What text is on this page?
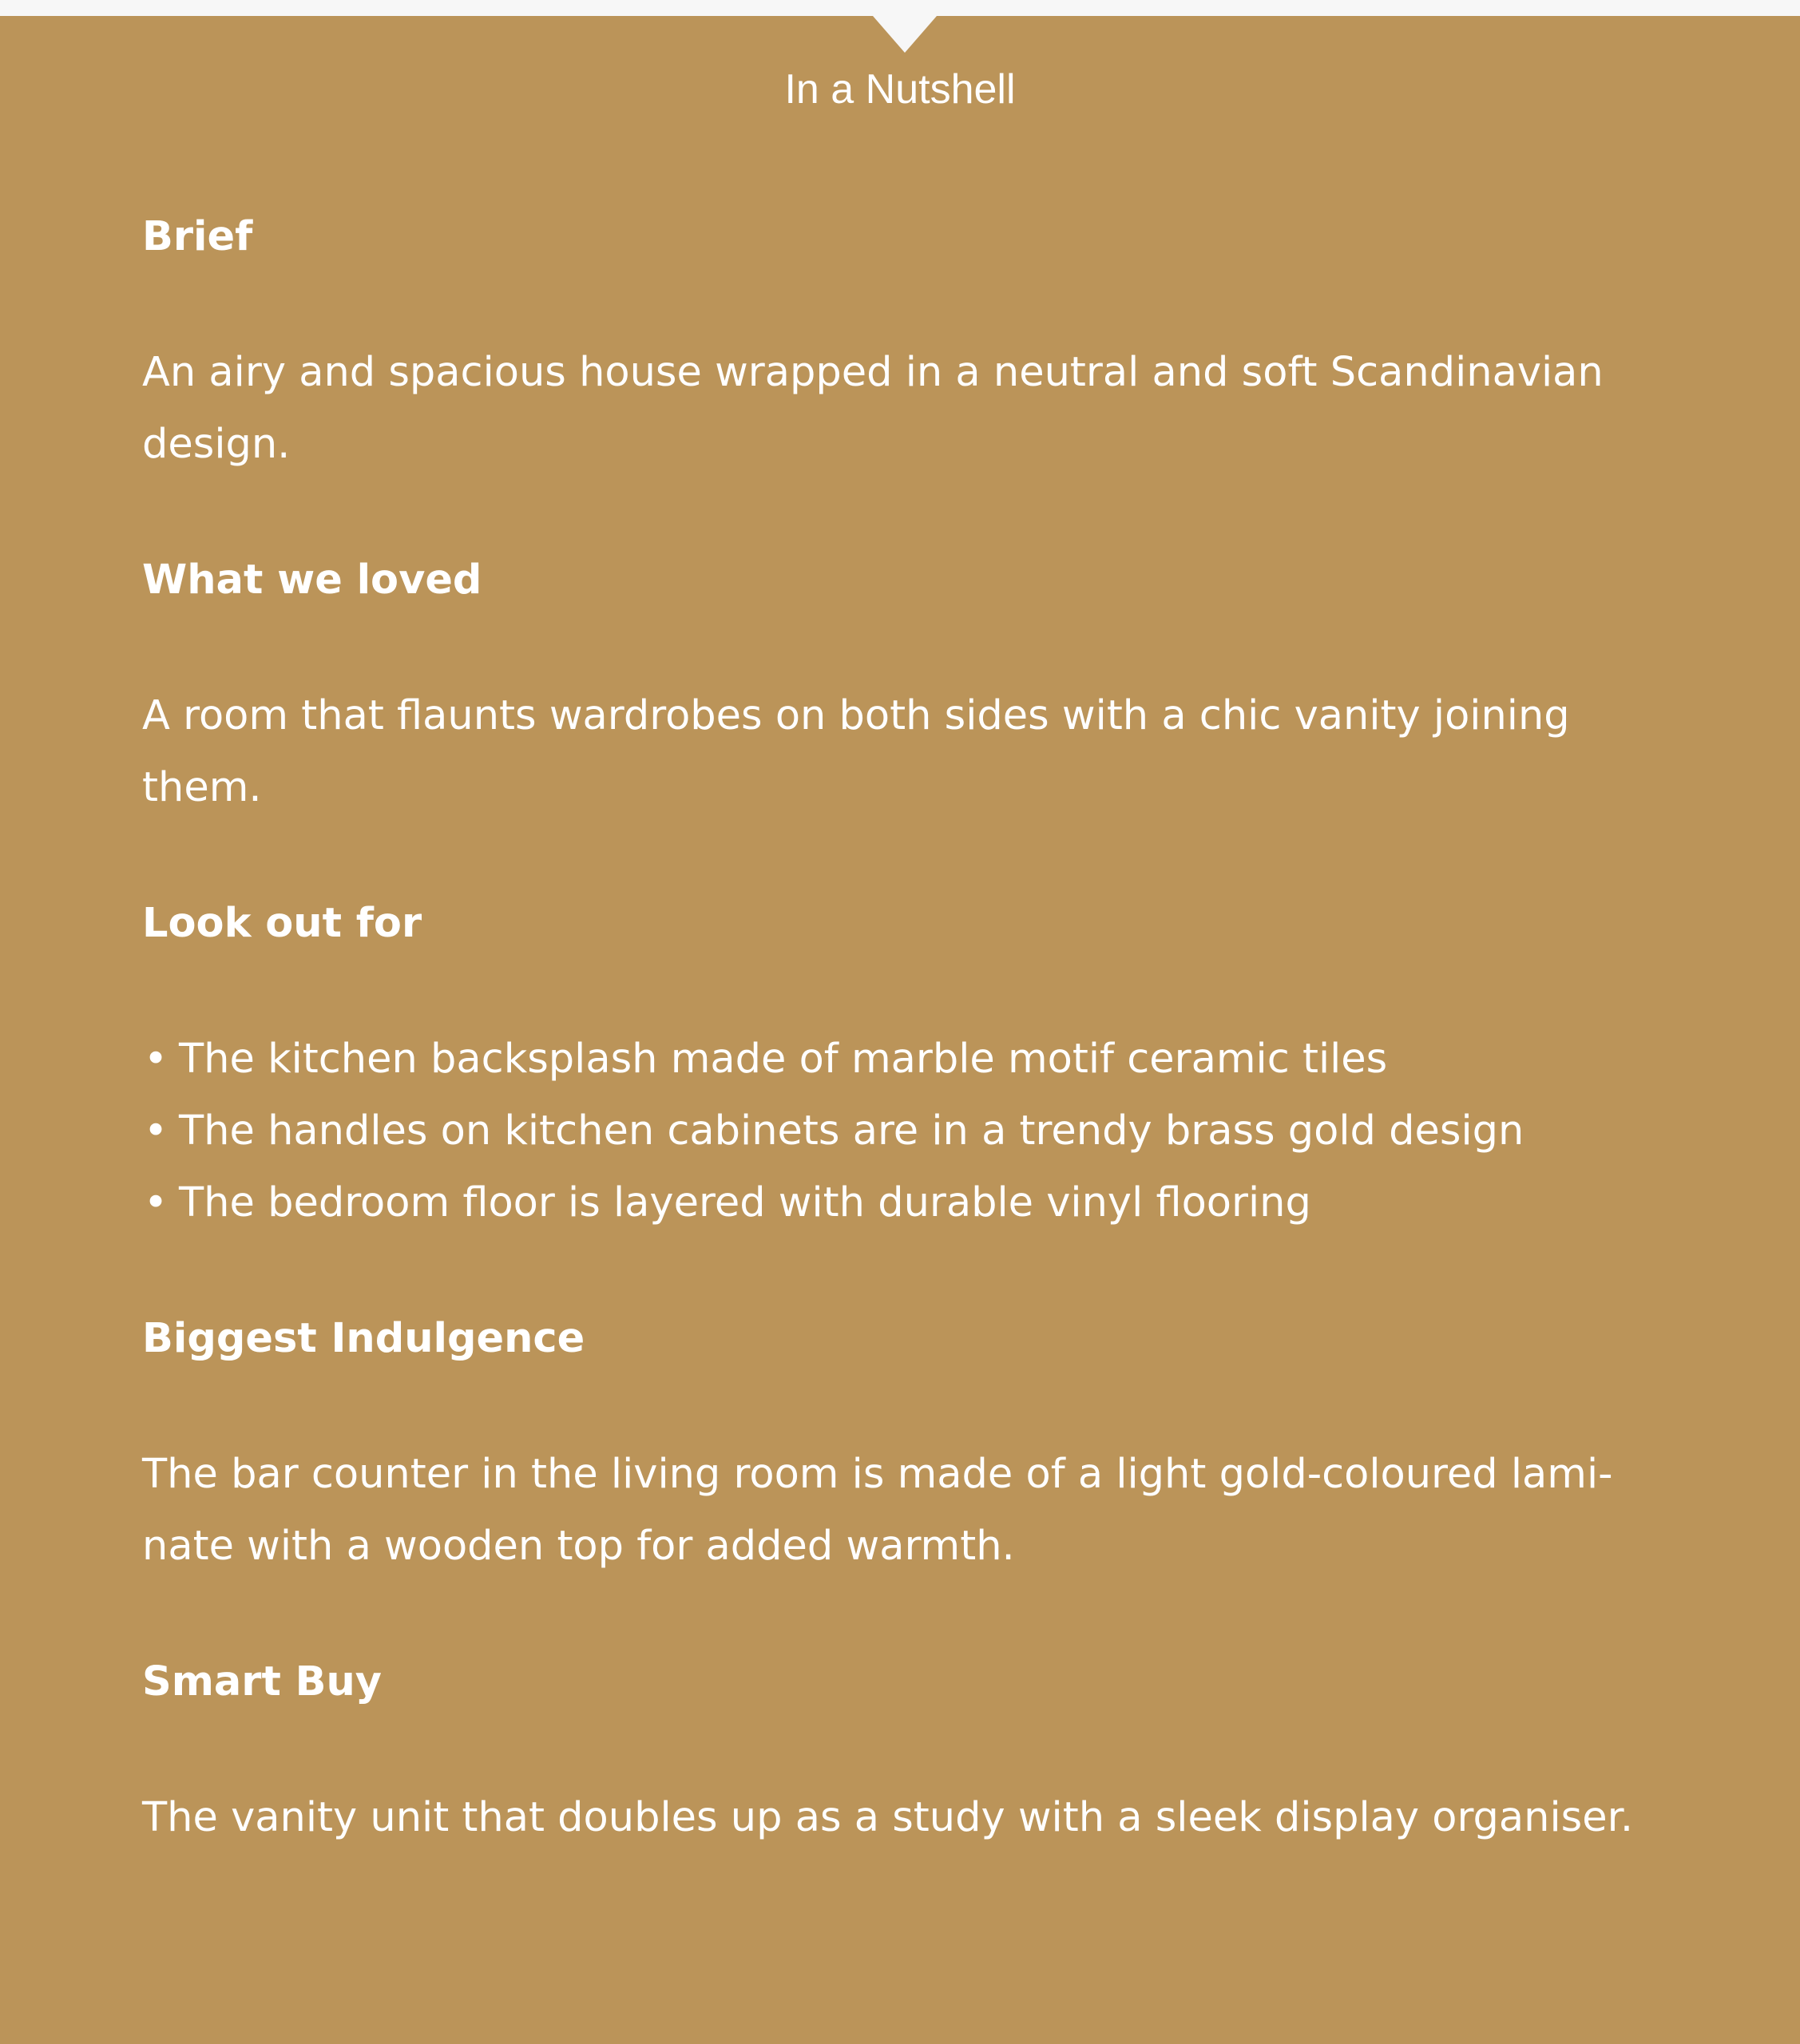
In a Nutshell
Brief

An airy and spacious house wrapped in a neutral and soft Scandinavian
design.

What we loved

A room that flaunts wardrobes on both sides with a chic vanity joining
them.

Look out for
• The kitchen backsplash made of marble motif ceramic tiles
• The handles on kitchen cabinets are in a trendy brass gold design
• The bedroom floor is layered with durable vinyl flooring
Biggest Indulgence

The bar counter in the living room is made of a light gold-coloured lami-
nate with a wooden top for added warmth.

Smart Buy

The vanity unit that doubles up as a study with a sleek display organiser.
